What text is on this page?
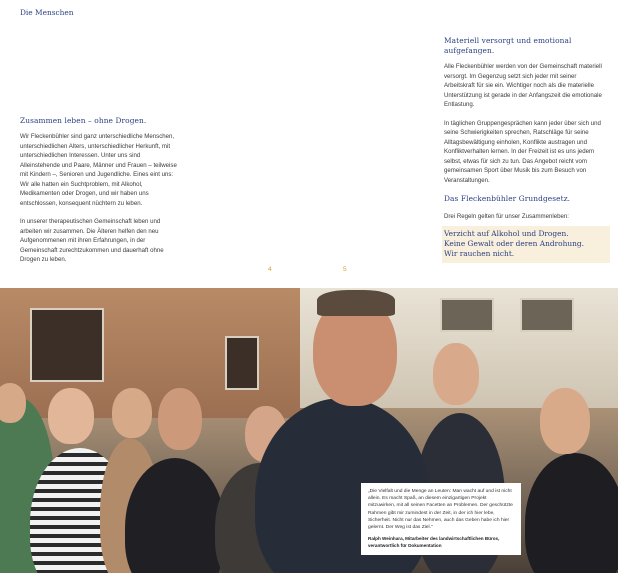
Die Menschen
Zusammen leben – ohne Drogen.

Wir Fleckenbühler sind ganz unterschiedliche Menschen, unterschiedlichen Alters, unterschiedlicher Herkunft, mit unterschiedlichen Interessen. Unter uns sind Alleinstehende und Paare, Männer und Frauen – teilweise mit Kindern –, Senioren und Jugendliche. Eines eint uns: Wir alle hatten ein Suchtproblem, mit Alkohol, Medikamenten oder Drogen, und wir haben uns entschlossen, konsequent nüchtern zu leben.

In unserer therapeutischen Gemeinschaft leben und arbeiten wir zusammen. Die Älteren helfen den neu Aufgenommenen mit ihren Erfahrungen, in der Gemeinschaft zurechtzukommen und dauerhaft ohne Drogen zu leben.

4	5
Materiell versorgt und emotional aufgefangen.

Alle Fleckenbühler werden von der Gemeinschaft materiell versorgt. Im Gegenzug setzt sich jeder mit seiner Arbeitskraft für sie ein. Wichtiger noch als die materielle Unterstützung ist gerade in der Anfangszeit die emotionale Entlastung.

In täglichen Gruppengesprächen kann jeder über sich und seine Schwierigkeiten sprechen, Ratschläge für seine Alltagsbewältigung einholen, Konflikte austragen und Konfliktverhalten lernen. In der Freizeit ist es uns jedem selbst, etwas für sich zu tun. Das Angebot reicht vom gemeinsamen Sport über Musik bis zum Besuch von Veranstaltungen.

Das Fleckenbühler Grundgesetz.

Drei Regeln gelten für unser Zusammenleben:

Verzicht auf Alkohol und Drogen.
Keine Gewalt oder deren Androhung.
Wir rauchen nicht.

„Die Vielfalt und die Menge an Leuten: Man wacht auf und ist nicht allein. Es macht Spaß, an diesem einzigartigen Projekt mitzuwirken, mit all seinen Facetten an Problemen. Der geschützte Rahmen gibt mir zumindest in der Zeit, in der ich hier lebe, Sicherheit. Nicht nur das Nehmen, auch das Geben habe ich hier gelernt. Der Weg ist das Ziel.“

Ralph Weinhara, Mitarbeiter des landwirtschaftlichen Büros, verantwortlich für Dokumentation
